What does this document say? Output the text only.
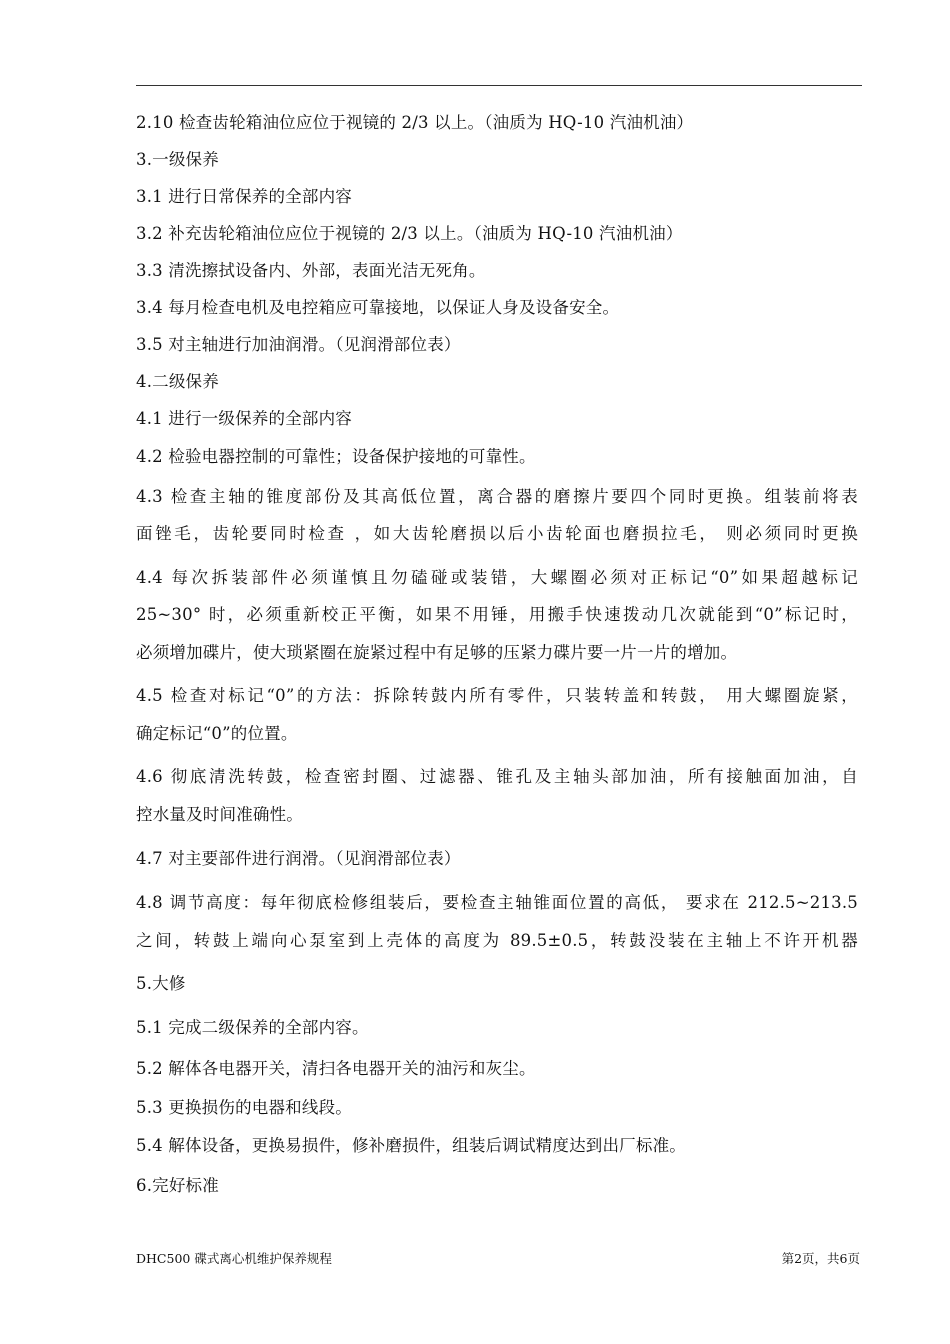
2.10 检查齿轮箱油位应位于视镜的 2/3 以上。（油质为 HQ-10 汽油机油）
3.一级保养
3.1 进行日常保养的全部内容
3.2 补充齿轮箱油位应位于视镜的 2/3 以上。（油质为 HQ-10 汽油机油）
3.3 清洗擦拭设备内、外部，表面光洁无死角。
3.4 每月检查电机及电控箱应可靠接地，以保证人身及设备安全。
3.5 对主轴进行加油润滑。（见润滑部位表）
4.二级保养
4.1 进行一级保养的全部内容
4.2 检验电器控制的可靠性；设备保护接地的可靠性。
4.3 检查主轴的锥度部份及其高低位置，离合器的磨擦片要四个同时更换。组装前将表
面锉毛，齿轮要同时检查 ，如大齿轮磨损以后小齿轮面也磨损拉毛， 则必须同时更换
4.4 每次拆装部件必须谨慎且勿磕碰或装错，大螺圈必须对正标记“0”如果超越标记
25~30° 时，必须重新校正平衡，如果不用锤，用搬手快速拨动几次就能到“0”标记时，
必须增加碟片，使大琐紧圈在旋紧过程中有足够的压紧力碟片要一片一片的增加。
4.5 检查对标记“0”的方法：拆除转鼓内所有零件，只装转盖和转鼓， 用大螺圈旋紧，
确定标记“0”的位置。
4.6 彻底清洗转鼓，检查密封圈、过滤器、锥孔及主轴头部加油，所有接触面加油，自
控水量及时间准确性。
4.7 对主要部件进行润滑。（见润滑部位表）
4.8 调节高度：每年彻底检修组装后，要检查主轴锥面位置的高低， 要求在 212.5~213.5
之间，转鼓上端向心泵室到上壳体的高度为 89.5±0.5，转鼓没装在主轴上不许开机器
5.大修
5.1 完成二级保养的全部内容。
5.2 解体各电器开关，清扫各电器开关的油污和灰尘。
5.3 更换损伤的电器和线段。
5.4 解体设备，更换易损件，修补磨损件，组装后调试精度达到出厂标准。
6.完好标准
DHC500 碟式离心机维护保养规程	第2页，共6页
